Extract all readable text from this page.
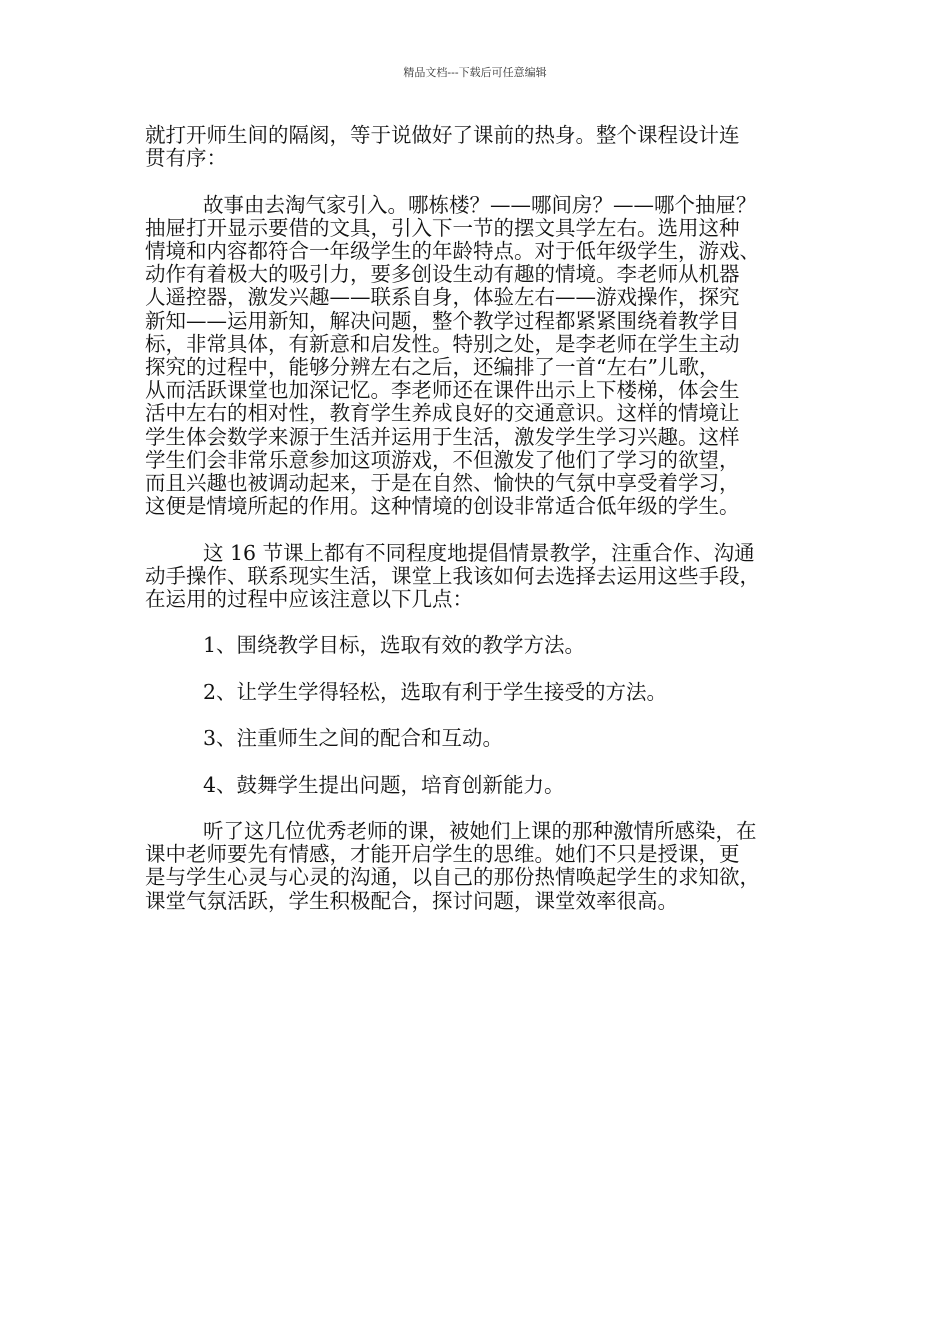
精品文档---下载后可任意编辑
就打开师生间的隔阂，等于说做好了课前的热身。整个课程设计连
贯有序：
故事由去淘气家引入。哪栋楼？——哪间房？——哪个抽屉？
抽屉打开显示要借的文具，引入下一节的摆文具学左右。选用这种
情境和内容都符合一年级学生的年龄特点。对于低年级学生，游戏、
动作有着极大的吸引力，要多创设生动有趣的情境。李老师从机器
人遥控器，激发兴趣——联系自身，体验左右——游戏操作，探究
新知——运用新知，解决问题，整个教学过程都紧紧围绕着教学目
标，非常具体，有新意和启发性。特别之处，是李老师在学生主动
探究的过程中，能够分辨左右之后，还编排了一首“左右”儿歌，
从而活跃课堂也加深记忆。李老师还在课件出示上下楼梯，体会生
活中左右的相对性，教育学生养成良好的交通意识。这样的情境让
学生体会数学来源于生活并运用于生活，激发学生学习兴趣。这样
学生们会非常乐意参加这项游戏，不但激发了他们了学习的欲望，
而且兴趣也被调动起来，于是在自然、愉快的气氛中享受着学习，
这便是情境所起的作用。这种情境的创设非常适合低年级的学生。
这 16 节课上都有不同程度地提倡情景教学，注重合作、沟通
动手操作、联系现实生活，课堂上我该如何去选择去运用这些手段，
在运用的过程中应该注意以下几点：
1、围绕教学目标，选取有效的教学方法。
2、让学生学得轻松，选取有利于学生接受的方法。
3、注重师生之间的配合和互动。
4、鼓舞学生提出问题，培育创新能力。
听了这几位优秀老师的课，被她们上课的那种激情所感染，在
课中老师要先有情感，才能开启学生的思维。她们不只是授课，更
是与学生心灵与心灵的沟通，以自己的那份热情唤起学生的求知欲，
课堂气氛活跃，学生积极配合，探讨问题，课堂效率很高。
